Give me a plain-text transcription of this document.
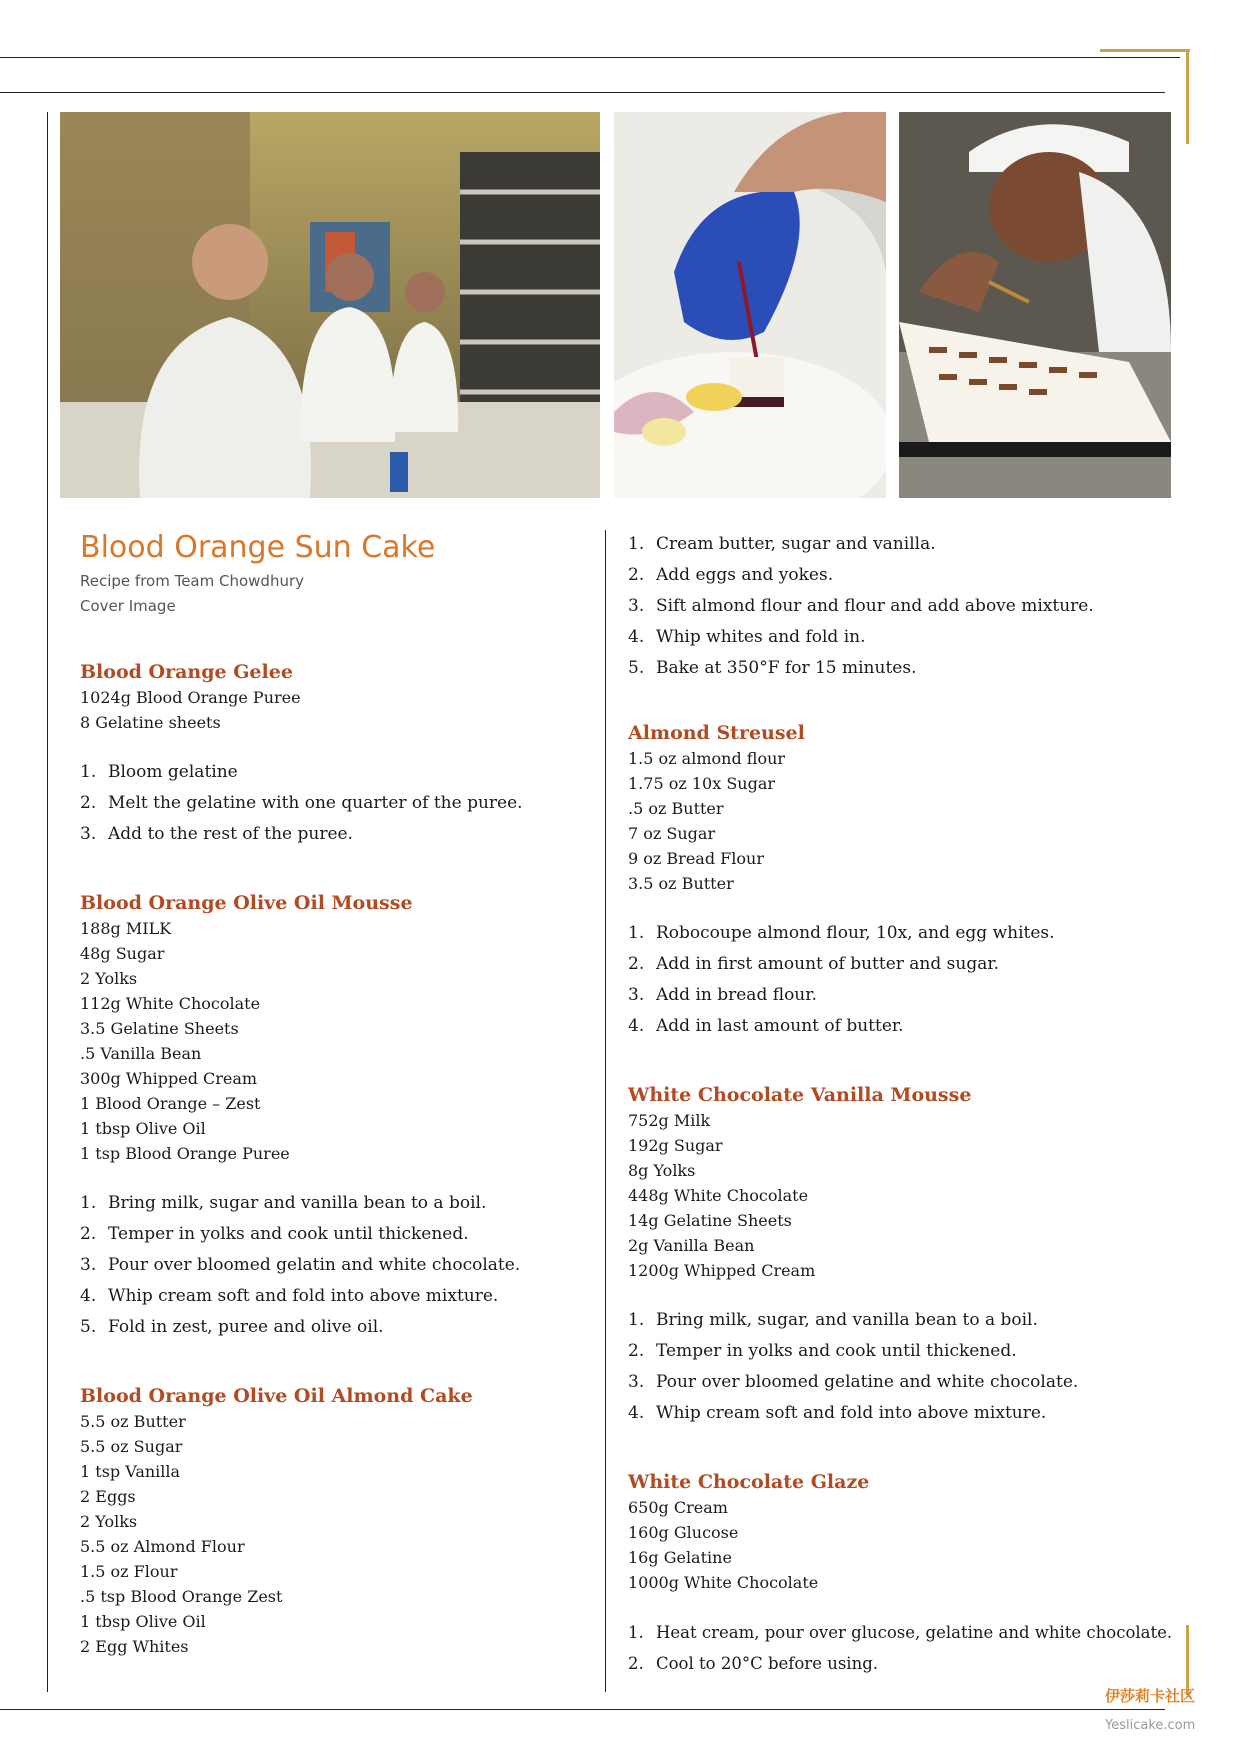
Blood Orange Sun Cake
Recipe from Team Chowdhury
Cover Image
Blood Orange Gelee
1024g Blood Orange Puree
8 Gelatine sheets
1. Bloom gelatine
2. Melt the gelatine with one quarter of the puree.
3. Add to the rest of the puree.
Blood Orange Olive Oil Mousse
188g MILK
48g Sugar
2 Yolks
112g White Chocolate
3.5 Gelatine Sheets
.5 Vanilla Bean
300g Whipped Cream
1 Blood Orange – Zest
1 tbsp Olive Oil
1 tsp Blood Orange Puree
1. Bring milk, sugar and vanilla bean to a boil.
2. Temper in yolks and cook until thickened.
3. Pour over bloomed gelatin and white chocolate.
4. Whip cream soft and fold into above mixture.
5. Fold in zest, puree and olive oil.
Blood Orange Olive Oil Almond Cake
5.5 oz Butter
5.5 oz Sugar
1 tsp Vanilla
2 Eggs
2 Yolks
5.5 oz Almond Flour
1.5 oz Flour
.5 tsp Blood Orange Zest
1 tbsp Olive Oil
2 Egg Whites
1. Cream butter, sugar and vanilla.
2. Add eggs and yokes.
3. Sift almond flour and flour and add above mixture.
4. Whip whites and fold in.
5. Bake at 350°F for 15 minutes.
Almond Streusel
1.5 oz almond flour
1.75 oz 10x Sugar
.5 oz Butter
7 oz Sugar
9 oz Bread Flour
3.5 oz Butter
1. Robocoupe almond flour, 10x, and egg whites.
2. Add in first amount of butter and sugar.
3. Add in bread flour.
4. Add in last amount of butter.
White Chocolate Vanilla Mousse
752g Milk
192g Sugar
8g Yolks
448g White Chocolate
14g Gelatine Sheets
2g Vanilla Bean
1200g Whipped Cream
1. Bring milk, sugar, and vanilla bean to a boil.
2. Temper in yolks and cook until thickened.
3. Pour over bloomed gelatine and white chocolate.
4. Whip cream soft and fold into above mixture.
White Chocolate Glaze
650g Cream
160g Glucose
16g Gelatine
1000g White Chocolate
1. Heat cream, pour over glucose, gelatine and white chocolate.
2. Cool to 20°C before using.
伊莎莉卡社区
Yeslicake.com
